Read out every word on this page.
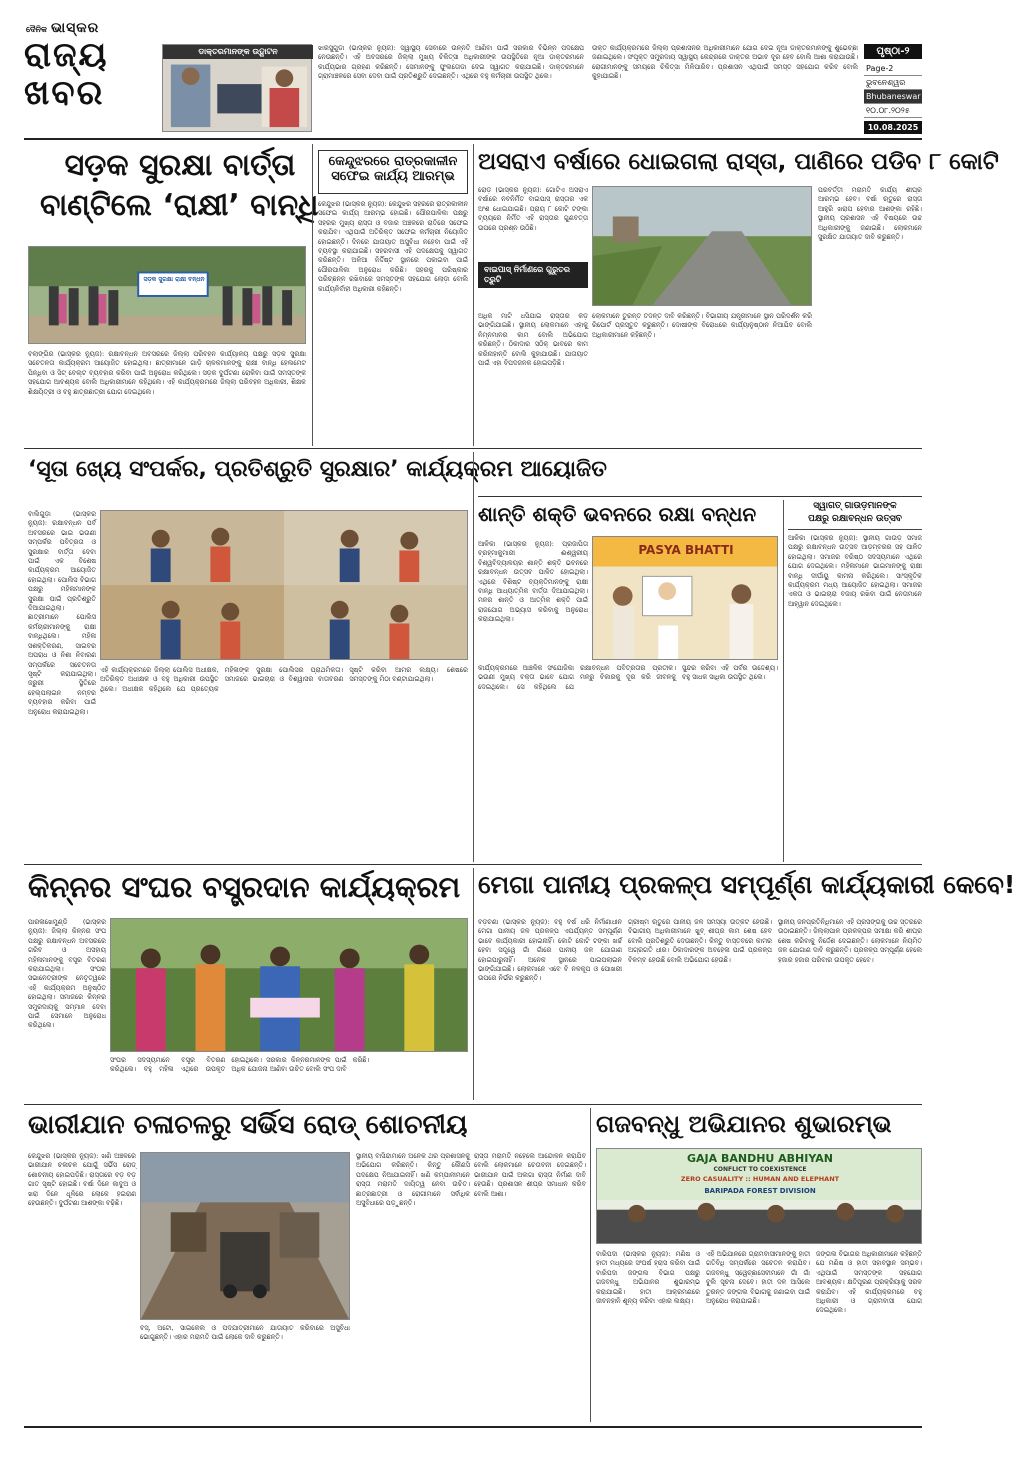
ଦୈନିକ ଭାସ୍କର
ରାଜ୍ୟ
ଖବର
ଡାକ୍ତରମାନଙ୍କ ଉଦ୍ଘାଟନ	ଝାରସୁଗୁଡା (ଭାସ୍କର ନ୍ୟୁଜ): ସ୍ୱାସ୍ଥ୍ୟ ସେବାରେ ଉନ୍ନତି ଆଣିବା ପାଇଁ ସରକାର ବିଭିନ୍ନ ପଦକ୍ଷେପ ନେଉଛନ୍ତି। ଏହି ଅବସରରେ ଜିଲ୍ଲା ମୁଖ୍ୟ ଚିକିତ୍ସା ଅଧିକାରୀଙ୍କ ଉପସ୍ଥିତିରେ ନୂଆ ଡାକ୍ତରମାନେ କାର୍ଯ୍ୟଭାର ଗ୍ରହଣ କରିଛନ୍ତି। ସେମାନଙ୍କୁ ଫୁଲତୋଡା ଦେଇ ସ୍ୱାଗତ କରାଯାଇଛି। ଡାକ୍ତରମାନେ ଗ୍ରାମାଞ୍ଚଳରେ ସେବା ଦେବା ପାଇଁ ପ୍ରତିଶ୍ରୁତି ଦେଇଛନ୍ତି। ଏଥିରେ ବହୁ କର୍ମଚାରୀ ଉପସ୍ଥିତ ଥିଲେ।
ଉକ୍ତ କାର୍ଯ୍ୟକ୍ରମରେ ଜିଲ୍ଲା ପ୍ରଶାସନର ଅଧିକାରୀମାନେ ଯୋଗ ଦେଇ ନୂଆ ଡାକ୍ତରମାନଙ୍କୁ ଶୁଭେଚ୍ଛା ଜଣାଇଥିଲେ। ସଂପୃକ୍ତ ସମ୍ପ୍ରଦାୟ ସ୍ୱାସ୍ଥ୍ୟ କେନ୍ଦ୍ରରେ ଡାକ୍ତର ଅଭାବ ଦୂର ହେବ ବୋଲି ଆଶା କରାଯାଉଛି। ରୋଗୀମାନଙ୍କୁ ସମୟରେ ଚିକିତ୍ସା ମିଳିପାରିବ। ପ୍ରଶାସନ ଏଥିପାଇଁ ସମସ୍ତ ସହଯୋଗ କରିବ ବୋଲି କୁହାଯାଇଛି।
ପୃଷ୍ଠା-୨
Page-2
ଭୁବନେଶ୍ୱର
Bhubaneswar
୧୦.୦୮.୨୦୨୫
10.08.2025
ସଡ଼କ ସୁରକ୍ଷା ବାର୍ତ୍ତା
ବାଣ୍ଟିଲେ ‘ରାକ୍ଷୀ’ ବାନ୍ଧି
ସଡ଼କ ସୁରକ୍ଷା ରାକ୍ଷୀ ବନ୍ଧନ
ବଲାଙ୍ଗିର (ଭାସ୍କର ନ୍ୟୁଜ): ରକ୍ଷାବନ୍ଧନ ଅବସରରେ ଜିଲ୍ଲା ପରିବହନ କାର୍ଯ୍ୟାଳୟ ପକ୍ଷରୁ ସଡ଼କ ସୁରକ୍ଷା ସଚେତନତା କାର୍ଯ୍ୟକ୍ରମ ଆୟୋଜିତ ହୋଇଥିଲା। ଛାତ୍ରୀମାନେ ଗାଡ଼ି ଚାଳକମାନଙ୍କୁ ରାକ୍ଷୀ ବାନ୍ଧି ହେଲମେଟ ପିନ୍ଧିବା ଓ ସିଟ୍ ବେଲ୍ଟ ବ୍ୟବହାର କରିବା ପାଇଁ ଅନୁରୋଧ କରିଥିଲେ। ସଡ଼କ ଦୁର୍ଘଟଣା ରୋକିବା ପାଇଁ ସମସ୍ତଙ୍କ ସହଯୋଗ ଆବଶ୍ୟକ ବୋଲି ଅଧିକାରୀମାନେ କହିଥିଲେ। ଏହି କାର୍ଯ୍ୟକ୍ରମରେ ଜିଲ୍ଲା ପରିବହନ ଅଧିକାରୀ, ଶିକ୍ଷକ ଶିକ୍ଷୟିତ୍ରୀ ଓ ବହୁ ଛାତ୍ରଛାତ୍ରୀ ଯୋଗ ଦେଇଥିଲେ।
କେନ୍ଦୁଝରରେ ରାତ୍ରକାଳୀନ
ସଫେଇ କାର୍ଯ୍ୟ ଆରମ୍ଭ
କେନ୍ଦୁଝର (ଭାସ୍କର ନ୍ୟୁଜ): କେନ୍ଦୁଝର ସହରରେ ରାତ୍ରକାଳୀନ ସଫେଇ କାର୍ଯ୍ୟ ଆରମ୍ଭ ହୋଇଛି। ପୌରପାଳିକା ପକ୍ଷରୁ ସହରର ମୁଖ୍ୟ ରାସ୍ତା ଓ ବଜାର ଅଞ୍ଚଳରେ ରାତିରେ ସଫେଇ କରାଯିବ। ଏଥିପାଇଁ ଅତିରିକ୍ତ ସଫେଇ କର୍ମଚାରୀ ନିୟୋଜିତ ହୋଇଛନ୍ତି। ଦିନରେ ଯାତାୟାତ ଅସୁବିଧା ନହେବା ପାଇଁ ଏହି ବ୍ୟବସ୍ଥା କରାଯାଇଛି। ସହରବାସୀ ଏହି ପଦକ୍ଷେପକୁ ସ୍ୱାଗତ କରିଛନ୍ତି। ଅଳିଆ ନିର୍ଦ୍ଦିଷ୍ଟ ସ୍ଥାନରେ ପକାଇବା ପାଇଁ ପୌରପାଳିକା ଅନୁରୋଧ କରିଛି। ସହରକୁ ପରିଷ୍କାର ପରିଚ୍ଛନ୍ନ ରଖିବାରେ ସମସ୍ତଙ୍କ ସହଯୋଗ ଲୋଡ଼ା ବୋଲି କାର୍ଯ୍ୟନିର୍ବାହୀ ଅଧିକାରୀ କହିଛନ୍ତି।
ଅସରାଏ ବର୍ଷାରେ ଧୋଇଗଲା ରାସ୍ତା, ପାଣିରେ ପଡିବ ୮ କୋଟି
ରୋଡ଼ (ଭାସ୍କର ନ୍ୟୁଜ): ଗୋଟିଏ ଅସରାଏ ବର୍ଷାରେ ନବନିର୍ମିତ ବାଇପାସ୍ ରାସ୍ତାର ଏକ ଅଂଶ ଧୋଇଯାଇଛି। ପ୍ରାୟ ୮ କୋଟି ଟଙ୍କା ବ୍ୟୟରେ ନିର୍ମିତ ଏହି ରାସ୍ତାର ଗୁଣବତ୍ତା ଉପରେ ପ୍ରଶ୍ନ ଉଠିଛି।
ବାଇପାସ୍ ନିର୍ମାଣରେ ଗୁରୁତର ତ୍ରୁଟି
ପରବର୍ତ୍ତୀ ମରାମତି କାର୍ଯ୍ୟ ଶୀଘ୍ର ଆରମ୍ଭ ହେବ। ବର୍ଷା ଋତୁରେ ରାସ୍ତା ଆହୁରି ଖରାପ ହେବାର ଆଶଙ୍କା ରହିଛି। ସ୍ଥାନୀୟ ପ୍ରଶାସନ ଏହି ବିଷୟରେ ଉଚ୍ଚ ଅଧିକାରୀଙ୍କୁ ଜଣାଇଛି। ଲୋକମାନେ ସୁରକ୍ଷିତ ଯାତାୟାତ ଦାବି କରୁଛନ୍ତି।
ଅଧିକ ମାଟି ଧସିଯାଇ ରାସ୍ତାର କଡ଼ ଭାଙ୍ଗିଯାଇଛି। ସ୍ଥାନୀୟ ଲୋକମାନେ ଏହାକୁ ନିମ୍ନମାନର କାମ ବୋଲି ଅଭିଯୋଗ କରିଛନ୍ତି। ଠିକାଦାର ସଠିକ୍ ଭାବରେ କାମ କରିନାହାନ୍ତି ବୋଲି କୁହାଯାଉଛି। ଯାତାୟାତ ପାଇଁ ଏହା ବିପଦଜନକ ହୋଇପଡ଼ିଛି।
ଲୋକମାନେ ତୁରନ୍ତ ତଦନ୍ତ ଦାବି କରିଛନ୍ତି। ବିଭାଗୀୟ ଯନ୍ତ୍ରୀମାନେ ସ୍ଥାନ ପରିଦର୍ଶନ କରି ରିପୋର୍ଟ ପ୍ରସ୍ତୁତ କରୁଛନ୍ତି। ଦୋଷୀଙ୍କ ବିରୋଧରେ କାର୍ଯ୍ୟାନୁଷ୍ଠାନ ନିଆଯିବ ବୋଲି ଅଧିକାରୀମାନେ କହିଛନ୍ତି।
‘ସୂତା ଖ୍ୟେ ସଂପର୍କର, ପ୍ରତିଶ୍ରୁତି ସୁରକ୍ଷାର’ କାର୍ଯ୍ୟକ୍ରମ ଆୟୋଜିତ
ବାଲିଗୁଡ଼ା (ଭାସ୍କର ନ୍ୟୁଜ): ରକ୍ଷାବନ୍ଧନ ପର୍ବ ଅବସରରେ ଭାଇ ଭଉଣୀ ସମ୍ପର୍କର ପବିତ୍ରତା ଓ ସୁରକ୍ଷାର ବାର୍ତ୍ତା ଦେବା ପାଇଁ ଏକ ବିଶେଷ କାର୍ଯ୍ୟକ୍ରମ ଆୟୋଜିତ ହୋଇଥିଲା। ପୋଲିସ ବିଭାଗ ପକ୍ଷରୁ ମହିଳାମାନଙ୍କ ସୁରକ୍ଷା ପାଇଁ ପ୍ରତିଶ୍ରୁତି ଦିଆଯାଇଥିଲା। ଛାତ୍ରୀମାନେ ପୋଲିସ କର୍ମଚାରୀମାନଙ୍କୁ ରାକ୍ଷୀ ବାନ୍ଧିଥିଲେ। ମହିଳା ସଶକ୍ତିକରଣ, ସାଇବର ଅପରାଧ ଓ ନିଶା ନିବାରଣ ସମ୍ପର୍କରେ ସଚେତନତା ସୃଷ୍ଟି କରାଯାଇଥିଲା। ଜରୁରୀ ସ୍ଥିତିରେ ହେଲ୍ପଲାଇନ ନମ୍ବର ବ୍ୟବହାର କରିବା ପାଇଁ ଅନୁରୋଧ କରାଯାଇଥିଲା।
ଏହି କାର୍ଯ୍ୟକ୍ରମରେ ଜିଲ୍ଲା ପୋଲିସ ଅଧୀକ୍ଷକ, ଅତିରିକ୍ତ ଅଧୀକ୍ଷକ ଓ ବହୁ ଅଧିକାରୀ ଉପସ୍ଥିତ ଥିଲେ। ଅଧୀକ୍ଷକ କହିଥିଲେ ଯେ ପ୍ରତ୍ୟେକ ମହିଳାଙ୍କ ସୁରକ୍ଷା ପୋଲିସର ପ୍ରାଥମିକତା। ସମାଜରେ ଭାଇଚାରା ଓ ବିଶ୍ୱାସର ବାତାବରଣ ସୃଷ୍ଟି କରିବା ଆମର ଲକ୍ଷ୍ୟ। ଶେଷରେ ସମସ୍ତଙ୍କୁ ମିଠା ବଣ୍ଟାଯାଇଥିଲା।
ଶାନ୍ତି ଶକ୍ତି ଭବନରେ ରକ୍ଷା ବନ୍ଧନ
ଆଳିକା (ଭାସ୍କର ନ୍ୟୁଜ): ପ୍ରଜାପିତା ବ୍ରହ୍ମାକୁମାରୀ ଈଶ୍ୱରୀୟ ବିଶ୍ୱବିଦ୍ୟାଳୟର ଶାନ୍ତି ଶକ୍ତି ଭବନରେ ରକ୍ଷାବନ୍ଧନ ଉତ୍ସବ ପାଳିତ ହୋଇଥିଲା। ଏଥିରେ ବିଶିଷ୍ଟ ବ୍ୟକ୍ତିମାନଙ୍କୁ ରାକ୍ଷୀ ବାନ୍ଧି ଆଧ୍ୟାତ୍ମିକ ବାର୍ତ୍ତା ଦିଆଯାଇଥିଲା। ମନର ଶାନ୍ତି ଓ ଆତ୍ମିକ ଶକ୍ତି ପାଇଁ ରାଜଯୋଗ ଅଭ୍ୟାସ କରିବାକୁ ଅନୁରୋଧ କରାଯାଇଥିଲା।
PASYA BHATTI
କାର୍ଯ୍ୟକ୍ରମରେ ଆଞ୍ଚଳିକ ସଂଯୋଜିକା ଭଉଣୀ ମୁଖ୍ୟ ବକ୍ତା ଭାବେ ଯୋଗ ଦେଇଥିଲେ। ସେ କହିଥିଲେ ଯେ ରକ୍ଷାବନ୍ଧନ ପବିତ୍ରତାର ପ୍ରତୀକ। ମନରୁ ବିକାରକୁ ଦୂର କରି ଜୀବନକୁ ସୁନ୍ଦର କରିବା ଏହି ପର୍ବର ଉଦ୍ଦେଶ୍ୟ। ବହୁ ସାଧକ ସାଧିକା ଉପସ୍ଥିତ ଥିଲେ।
ସ୍ୱାଗତ୍ ଗାଉଡ଼ମାନଙ୍କ
ପକ୍ଷରୁ ରକ୍ଷାବନ୍ଧନ ଉତ୍ସବ
ଆଳିକା (ଭାସ୍କର ନ୍ୟୁଜ): ସ୍ଥାନୀୟ ଗାଉଡ଼ ସମାଜ ପକ୍ଷରୁ ରକ୍ଷାବନ୍ଧନ ଉତ୍ସବ ଆଡ଼ମ୍ବରର ସହ ପାଳିତ ହୋଇଥିଲା। ସମାଜର ବରିଷ୍ଠ ସଦସ୍ୟମାନେ ଏଥିରେ ଯୋଗ ଦେଇଥିଲେ। ମହିଳାମାନେ ଭାଇମାନଙ୍କୁ ରାକ୍ଷୀ ବାନ୍ଧି ଦୀର୍ଘାୟୁ କାମନା କରିଥିଲେ। ସାଂସ୍କୃତିକ କାର୍ଯ୍ୟକ୍ରମ ମଧ୍ୟ ଆୟୋଜିତ ହୋଇଥିଲା। ସମାଜର ଏକତା ଓ ଭାଇଚାରା ବଜାୟ ରଖିବା ପାଇଁ ନେତାମାନେ ଆହ୍ୱାନ ଦେଇଥିଲେ।
କିନ୍ନର ସଂଘର ବସ୍ତ୍ରଦାନ କାର୍ଯ୍ୟକ୍ରମ
ପାରଳାଖେମୁଣ୍ଡି (ଭାସ୍କର ନ୍ୟୁଜ): ଜିଲ୍ଲା କିନ୍ନର ସଂଘ ପକ୍ଷରୁ ରକ୍ଷାବନ୍ଧନ ଅବସରରେ ଗରିବ ଓ ଅସହାୟ ମହିଳାମାନଙ୍କୁ ବସ୍ତ୍ର ବିତରଣ କରାଯାଇଥିଲା। ସଂଘର ସଭାନେତ୍ରୀଙ୍କ ନେତୃତ୍ୱରେ ଏହି କାର୍ଯ୍ୟକ୍ରମ ଅନୁଷ୍ଠିତ ହୋଇଥିଲା। ସମାଜରେ କିନ୍ନର ସମ୍ପ୍ରଦାୟକୁ ସମ୍ମାନ ଦେବା ପାଇଁ ସେମାନେ ଅନୁରୋଧ କରିଥିଲେ।
ସଂଘର ସଦସ୍ୟମାନେ ବସ୍ତ୍ର ବିତରଣ କରିଥିଲେ। ବହୁ ମହିଳା ଏଥିରେ ଉପକୃତ ହୋଇଥିଲେ। ସରକାର କିନ୍ନରମାନଙ୍କ ପାଇଁ ଅଧିକ ଯୋଜନା ଆଣିବା ଉଚିତ ବୋଲି ସଂଘ ଦାବି କରିଛି।
ମେଗା ପାନୀୟ ପ୍ରକଳ୍ପ ସମ୍ପୂର୍ଣ୍ଣ କାର୍ଯ୍ୟକାରୀ କେବେ!
ବଡ଼ଚଣା (ଭାସ୍କର ନ୍ୟୁଜ): ବହୁ ବର୍ଷ ଧରି ନିର୍ମାଣାଧୀନ ମେଗା ପାନୀୟ ଜଳ ପ୍ରକଳ୍ପ ଏପର୍ଯ୍ୟନ୍ତ ସମ୍ପୂର୍ଣ୍ଣ ଭାବେ କାର୍ଯ୍ୟକାରୀ ହୋଇନାହିଁ। କୋଟି କୋଟି ଟଙ୍କା ଖର୍ଚ୍ଚ ହେବା ସତ୍ତ୍ୱେ ଗାଁ ଗାଁରେ ପାନୀୟ ଜଳ ଯୋଗାଣ ହୋଇପାରୁନାହିଁ। ଅନେକ ସ୍ଥାନରେ ପାଇପଲାଇନ ଭାଙ୍ଗିଯାଇଛି। ଲୋକମାନେ ଏବେ ବି ନଳକୂପ ଓ ପୋଖରୀ ଉପରେ ନିର୍ଭର କରୁଛନ୍ତି।
ଗ୍ରୀଷ୍ମ ଋତୁରେ ପାନୀୟ ଜଳ ସମସ୍ୟା ଉତ୍କଟ ହେଉଛି। ବିଭାଗୀୟ ଅଧିକାରୀମାନେ ଖୁବ୍ ଶୀଘ୍ର କାମ ଶେଷ ହେବ ବୋଲି ପ୍ରତିଶ୍ରୁତି ଦେଉଛନ୍ତି। କିନ୍ତୁ ବାସ୍ତବରେ କାମର ଅଗ୍ରଗତି ଧୀର। ଠିକାଦାରଙ୍କ ଅବହେଳା ପାଇଁ ପ୍ରକଳ୍ପ ବିଳମ୍ବ ହେଉଛି ବୋଲି ଅଭିଯୋଗ ହେଉଛି।
ସ୍ଥାନୀୟ ଜନପ୍ରତିନିଧିମାନେ ଏହି ପ୍ରସଙ୍ଗକୁ ଉଚ୍ଚ ସ୍ତରରେ ଉଠାଇଛନ୍ତି। ଜିଲ୍ଲାପାଳ ପ୍ରକଳ୍ପର ସମୀକ୍ଷା କରି ଶୀଘ୍ର ଶେଷ କରିବାକୁ ନିର୍ଦ୍ଦେଶ ଦେଇଛନ୍ତି। ଲୋକମାନେ ନିୟମିତ ଜଳ ଯୋଗାଣ ଦାବି କରୁଛନ୍ତି। ପ୍ରକଳ୍ପ ସମ୍ପୂର୍ଣ୍ଣ ହେଲେ ହଜାର ହଜାର ପରିବାର ଉପକୃତ ହେବେ।
ଭାରୀଯାନ ଚଳାଚଳରୁ ସର୍ଭିସ ରୋଡ୍ ଶୋଚନୀୟ
କେନ୍ଦୁଝର (ଭାସ୍କର ନ୍ୟୁଜ): ଖଣି ଅଞ୍ଚଳରେ ଭାରୀଯାନ ଚଳାଚଳ ଯୋଗୁଁ ସର୍ଭିସ ରୋଡ୍ ଶୋଚନୀୟ ହୋଇପଡ଼ିଛି। ରାସ୍ତାରେ ବଡ଼ ବଡ଼ ଗାତ ସୃଷ୍ଟି ହୋଇଛି। ବର୍ଷା ଦିନେ କାଦୁଅ ଓ ଖରା ଦିନେ ଧୂଳିରେ ଲୋକେ ହଇରାଣ ହେଉଛନ୍ତି। ଦୁର୍ଘଟଣା ଆଶଙ୍କା ବଢ଼ିଛି।
ବସ୍, ଅଟୋ, ସାଇକେଲ ଓ ପଦଯାତ୍ରୀମାନେ ଯାତାୟାତ କରିବାରେ ଅସୁବିଧା ଭୋଗୁଛନ୍ତି। ଏହାର ମରାମତି ପାଇଁ ଲୋକେ ଦାବି କରୁଛନ୍ତି।
ସ୍ଥାନୀୟ ବାସିନ୍ଦାମାନେ ଅନେକ ଥର ପ୍ରଶାସନକୁ ଅଭିଯୋଗ କରିଛନ୍ତି। କିନ୍ତୁ କୌଣସି ପଦକ୍ଷେପ ନିଆଯାଇନାହିଁ। ଖଣି କମ୍ପାନୀମାନେ ରାସ୍ତା ମରାମତି ଦାୟିତ୍ୱ ନେବା ଉଚିତ। ଛାତ୍ରଛାତ୍ରୀ ଓ ରୋଗୀମାନେ ସର୍ବାଧିକ ଅସୁବିଧାରେ ପଡ଼ୁଛନ୍ତି।
ରାସ୍ତା ମରାମତି ନହେଲେ ଆନ୍ଦୋଳନ କରାଯିବ ବୋଲି ଲୋକମାନେ ଚେତାବନୀ ଦେଇଛନ୍ତି। ଭାରୀଯାନ ପାଇଁ ଅଲଗା ରାସ୍ତା ନିର୍ମାଣ ଦାବି ହେଉଛି। ପ୍ରଶାସନ ଶୀଘ୍ର ସମାଧାନ କରିବ ବୋଲି ଆଶା।
ଗଜବନ୍ଧୁ ଅଭିଯାନର ଶୁଭାରମ୍ଭ
GAJA BANDHU ABHIYAN
CONFLICT TO COEXISTENCE
ZERO CASUALITY :: HUMAN AND ELEPHANT
BARIPADA FOREST DIVISION
ବାରିପଦା (ଭାସ୍କର ନ୍ୟୁଜ): ମଣିଷ ଓ ହାତୀ ମଧ୍ୟରେ ସଂଘର୍ଷ ହ୍ରାସ କରିବା ପାଇଁ ବାରିପଦା ଜଙ୍ଗଲ ବିଭାଗ ପକ୍ଷରୁ ଗଜବନ୍ଧୁ ଅଭିଯାନର ଶୁଭାରମ୍ଭ କରାଯାଇଛି। ହାତୀ ଆକ୍ରମଣରେ ଜୀବନହାନି ଶୂନ୍ୟ କରିବା ଏହାର ଲକ୍ଷ୍ୟ।
ଏହି ଅଭିଯାନରେ ଗ୍ରାମବାସୀମାନଙ୍କୁ ହାତୀ ଗତିବିଧି ସମ୍ପର୍କରେ ସଚେତନ କରାଯିବ। ଗଜବନ୍ଧୁ ସ୍ୱେଚ୍ଛାସେବୀମାନେ ଗାଁ ଗାଁ ବୁଲି ସୂଚନା ଦେବେ। ହାତୀ ଦଳ ଆସିଲେ ତୁରନ୍ତ ଜଙ୍ଗଲ ବିଭାଗକୁ ଜଣାଇବା ପାଇଁ ଅନୁରୋଧ କରାଯାଇଛି।
ଜଙ୍ଗଲ ବିଭାଗର ଅଧିକାରୀମାନେ କହିଛନ୍ତି ଯେ ମଣିଷ ଓ ହାତୀ ସହାବସ୍ଥାନ ସମ୍ଭବ। ଏଥିପାଇଁ ସମସ୍ତଙ୍କ ସହଯୋଗ ଆବଶ୍ୟକ। କ୍ଷତିପୂରଣ ପ୍ରକ୍ରିୟାକୁ ସରଳ କରାଯିବ। ଏହି କାର୍ଯ୍ୟକ୍ରମରେ ବହୁ ଅଧିକାରୀ ଓ ଗ୍ରାମବାସୀ ଯୋଗ ଦେଇଥିଲେ।
